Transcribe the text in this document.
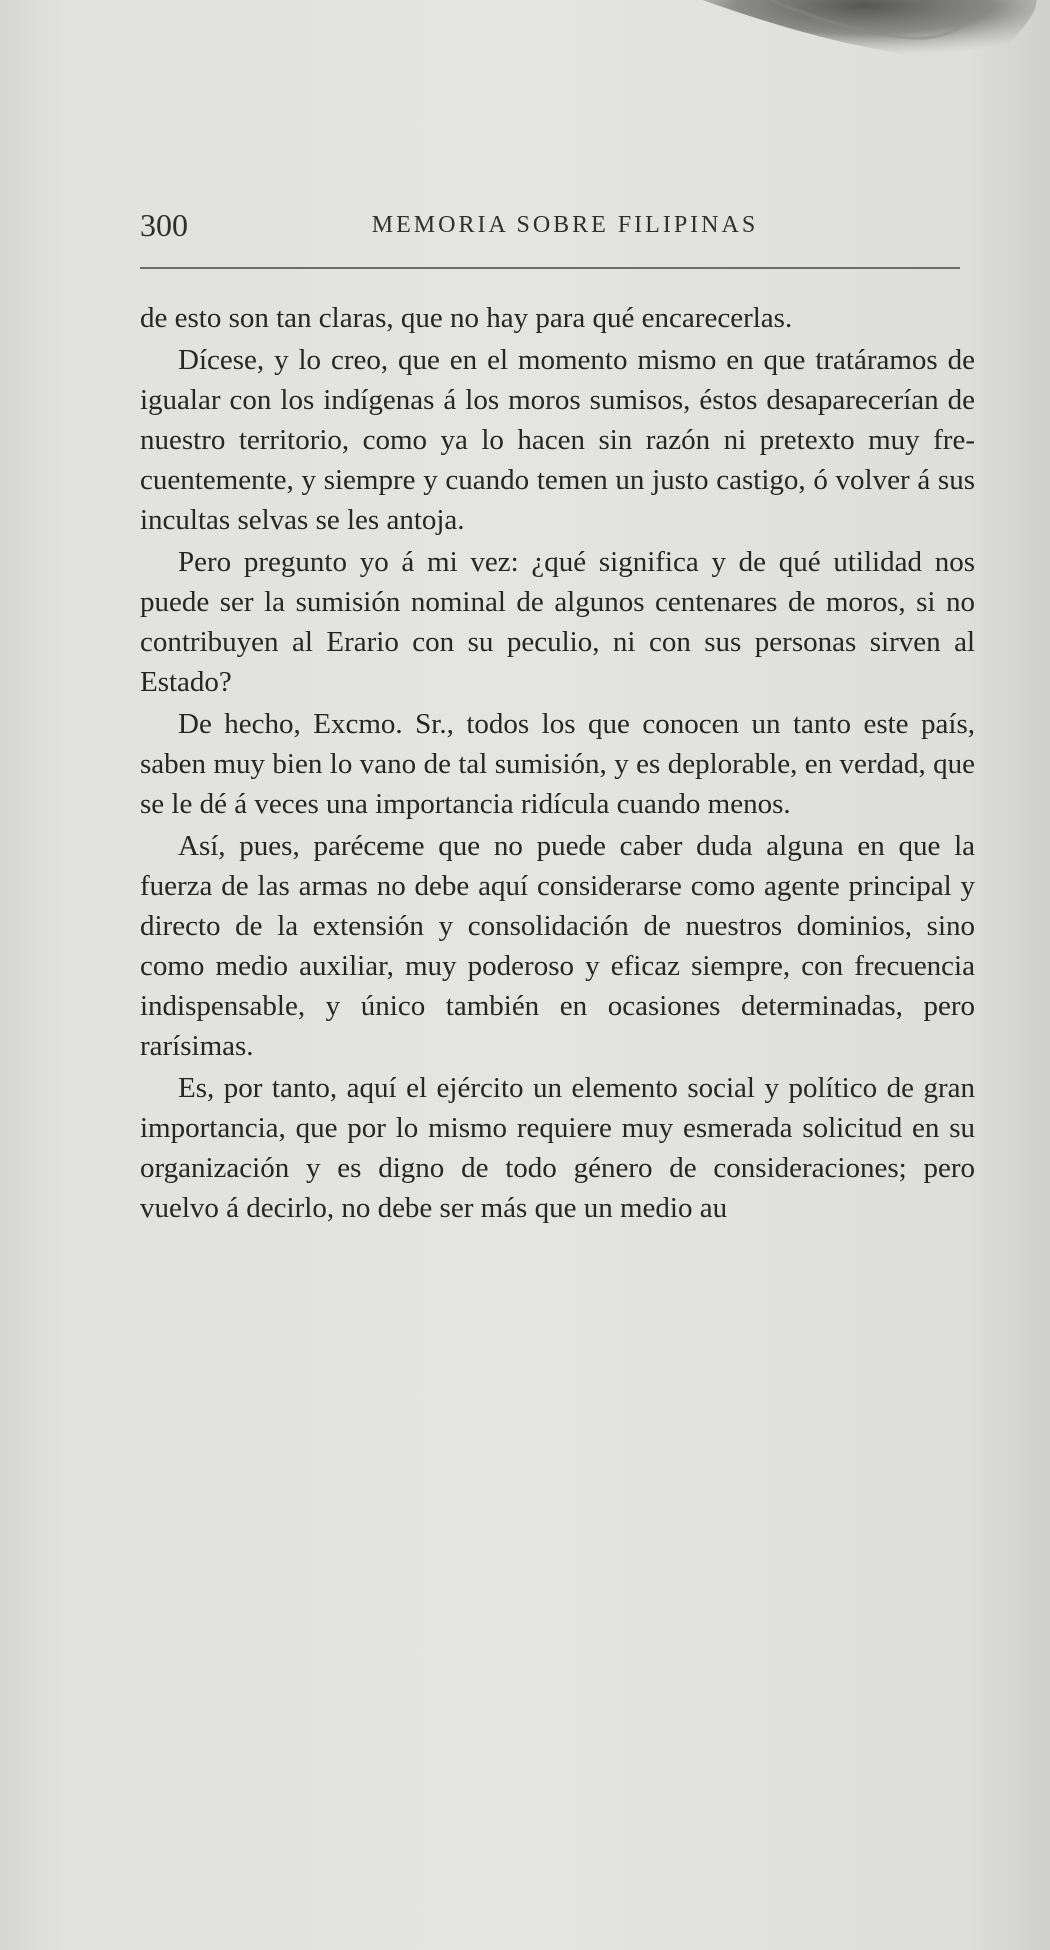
300	MEMORIA SOBRE FILIPINAS

de esto son tan claras, que no hay para qué encarecerlas.

Dícese, y lo creo, que en el momento mismo en que tratáramos de igualar con los indígenas á los moros sumisos, éstos desaparecerían de nuestro territorio, como ya lo hacen sin razón ni pretexto muy frecuentemente, y siempre y cuando temen un justo castigo, ó volver á sus incultas selvas se les antoja.

Pero pregunto yo á mi vez: ¿qué significa y de qué utilidad nos puede ser la sumisión nominal de algunos centenares de moros, si no contribuyen al Erario con su peculio, ni con sus personas sirven al Estado?

De hecho, Excmo. Sr., todos los que conocen un tanto este país, saben muy bien lo vano de tal sumisión, y es deplorable, en verdad, que se le dé á veces una importancia ridícula cuando menos.

Así, pues, paréceme que no puede caber duda alguna en que la fuerza de las armas no debe aquí considerarse como agente principal y directo de la extensión y consolidación de nuestros dominios, sino como medio auxiliar, muy poderoso y eficaz siempre, con frecuencia indispensable, y único también en ocasiones determinadas, pero rarísimas.

Es, por tanto, aquí el ejército un elemento social y político de gran importancia, que por lo mismo requiere muy esmerada solicitud en su organización y es digno de todo género de consideraciones; pero vuelvo á decirlo, no debe ser más que un medio au
